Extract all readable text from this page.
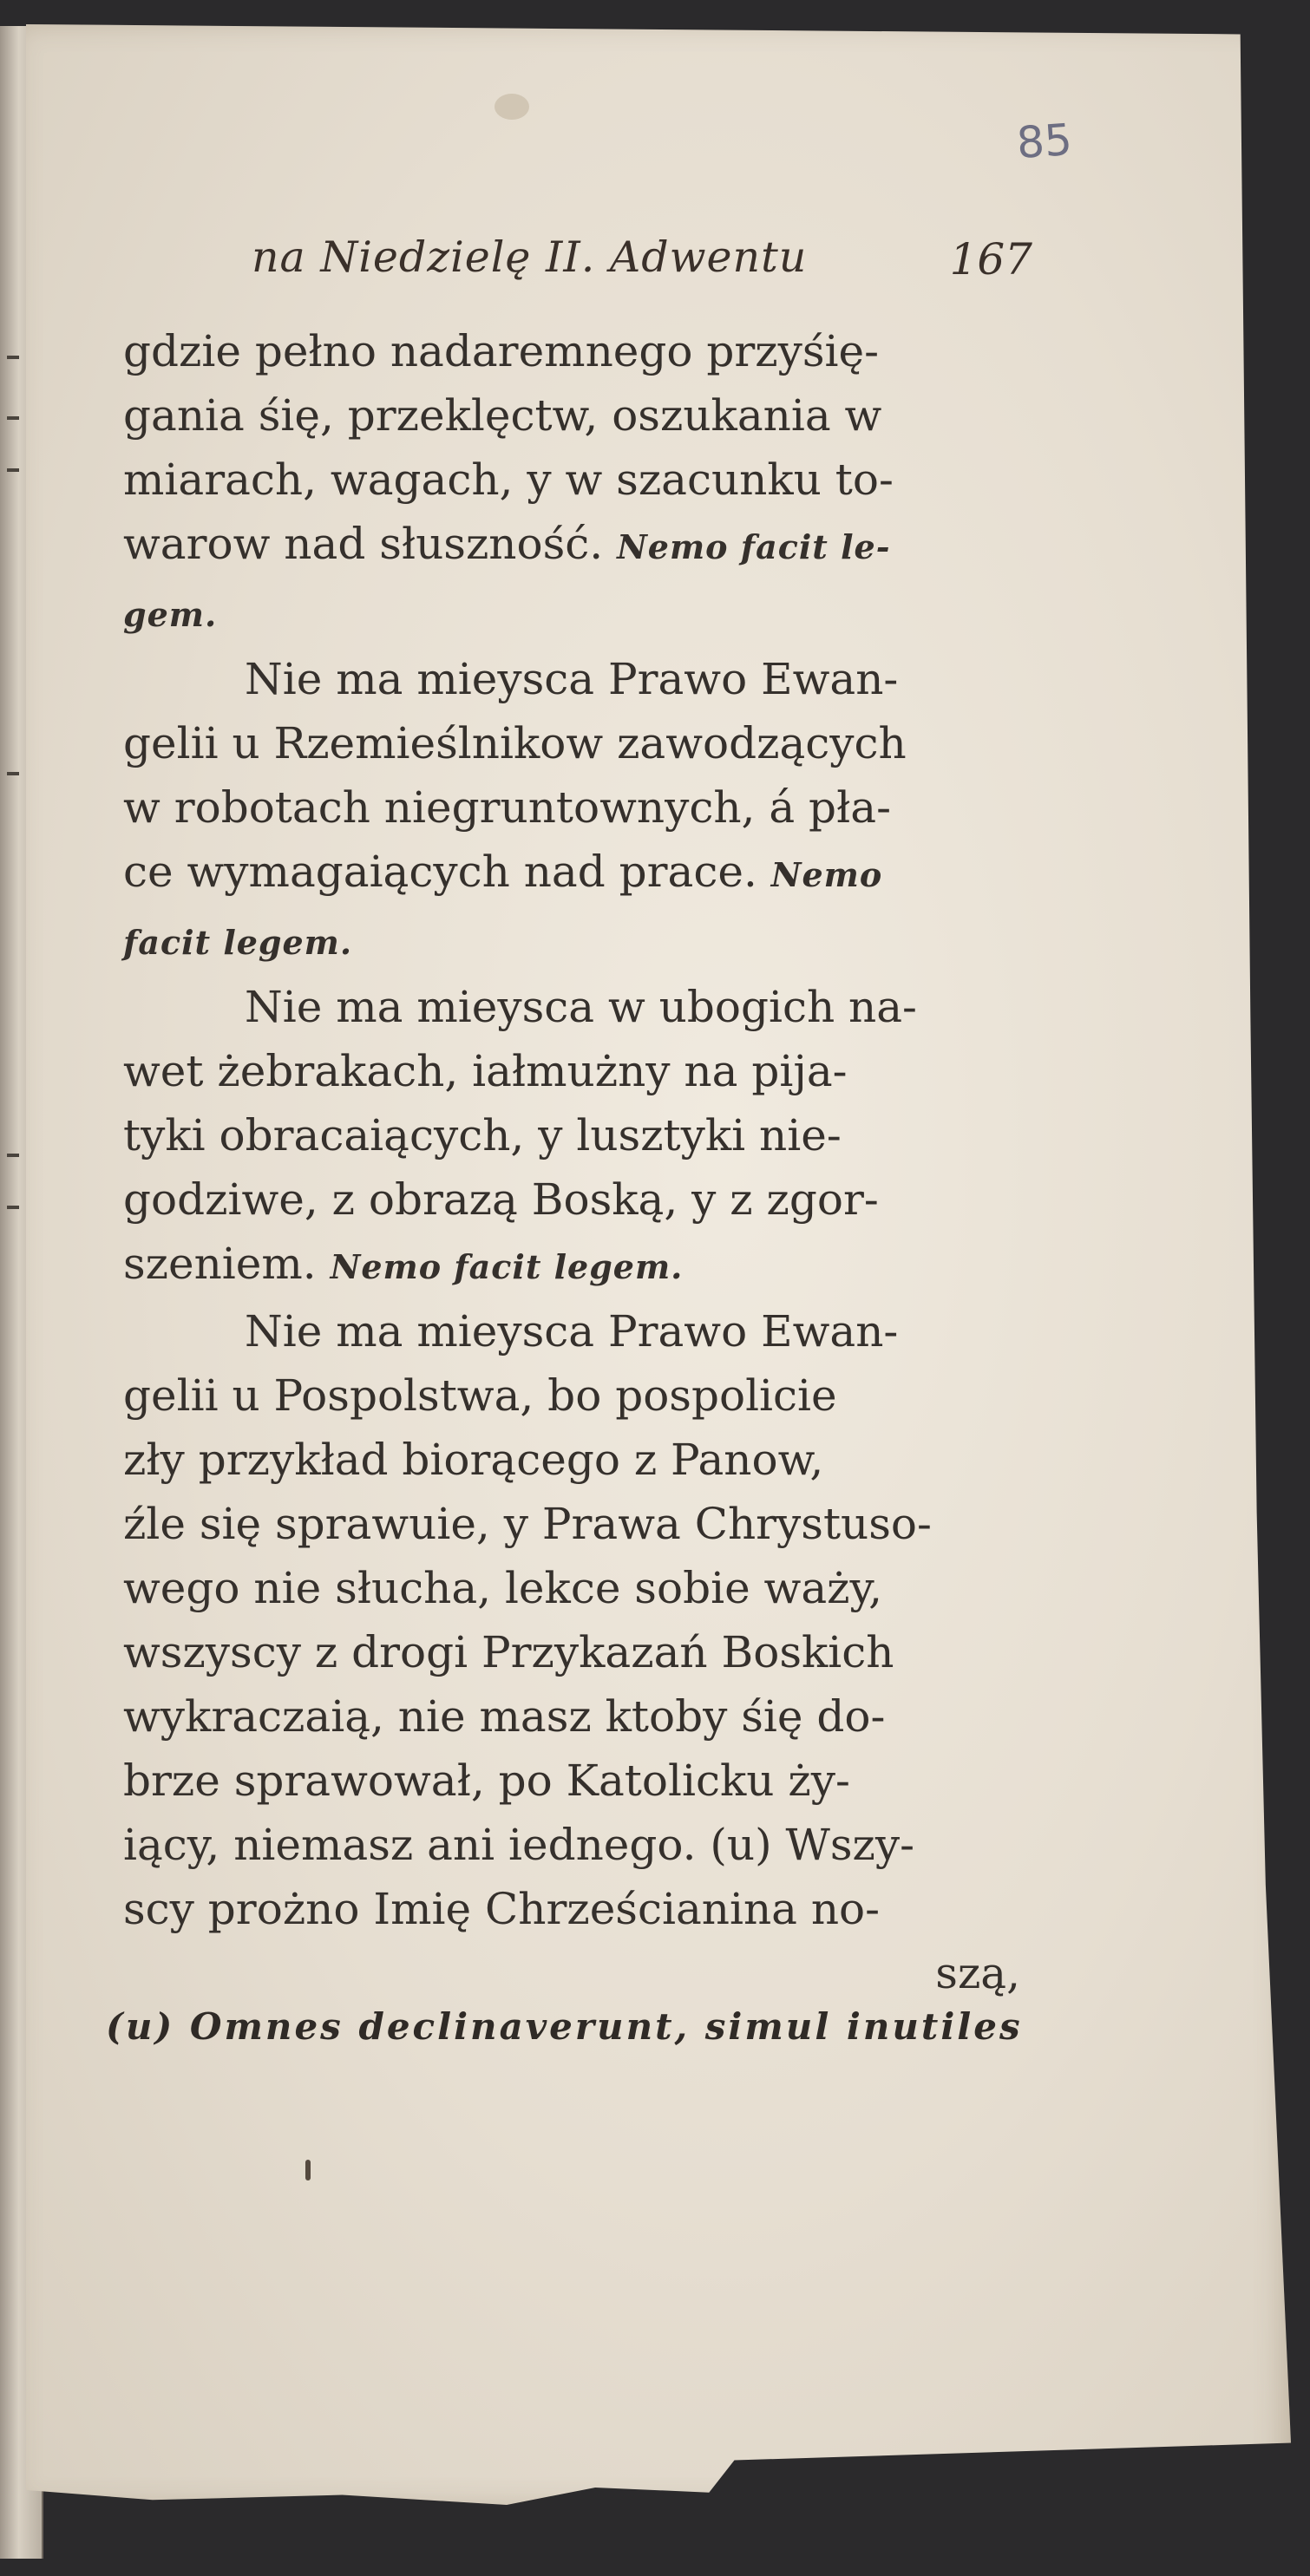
85
na Niedzielę II. Adwentu	167
gdzie pełno nadaremnego przyśię-
gania śię, przeklęctw, oszukania w
miarach, wagach, y w szacunku to-
warow nad słuszność. Nemo facit le-
gem.
Nie ma mieysca Prawo Ewan-
gelii u Rzemieślnikow zawodzących
w robotach niegruntownych, á pła-
ce wymagaiących nad prace. Nemo
facit legem.
Nie ma mieysca w ubogich na-
wet żebrakach, iałmużny na pija-
tyki obracaiących, y lusztyki nie-
godziwe, z obrazą Boską, y z zgor-
szeniem. Nemo facit legem.
Nie ma mieysca Prawo Ewan-
gelii u Pospolstwa, bo pospolicie
zły przykład biorącego z Panow,
źle się sprawuie, y Prawa Chrystuso-
wego nie słucha, lekce sobie waży,
wszyscy z drogi Przykazań Boskich
wykraczaią, nie masz ktoby śię do-
brze sprawował, po Katolicku ży-
iący, niemasz ani iednego. (u) Wszy-
scy prożno Imię Chrześcianina no-
szą,
(u) Omnes declinaverunt, simul inutiles
